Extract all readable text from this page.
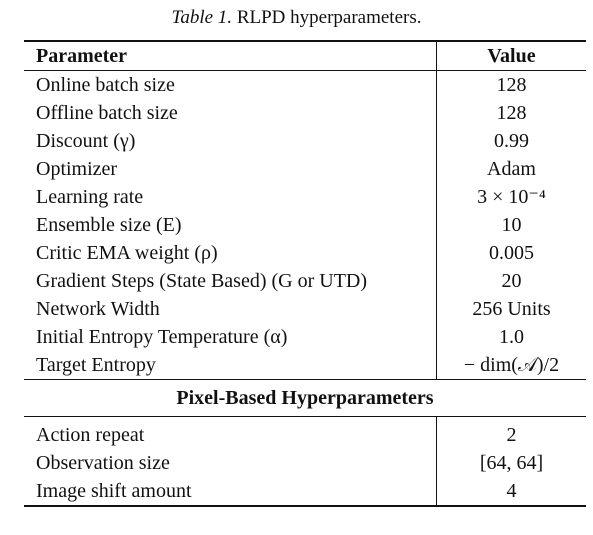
Table 1. RLPD hyperparameters.
Parameter	Value
Online batch size	128
Offline batch size	128
Discount (γ)	0.99
Optimizer	Adam
Learning rate	3 × 10⁻⁴
Ensemble size (E)	10
Critic EMA weight (ρ)	0.005
Gradient Steps (State Based) (G or UTD)	20
Network Width	256 Units
Initial Entropy Temperature (α)	1.0
Target Entropy	− dim(𝒜)/2
Pixel-Based Hyperparameters
Action repeat	2
Observation size	[64, 64]
Image shift amount	4
